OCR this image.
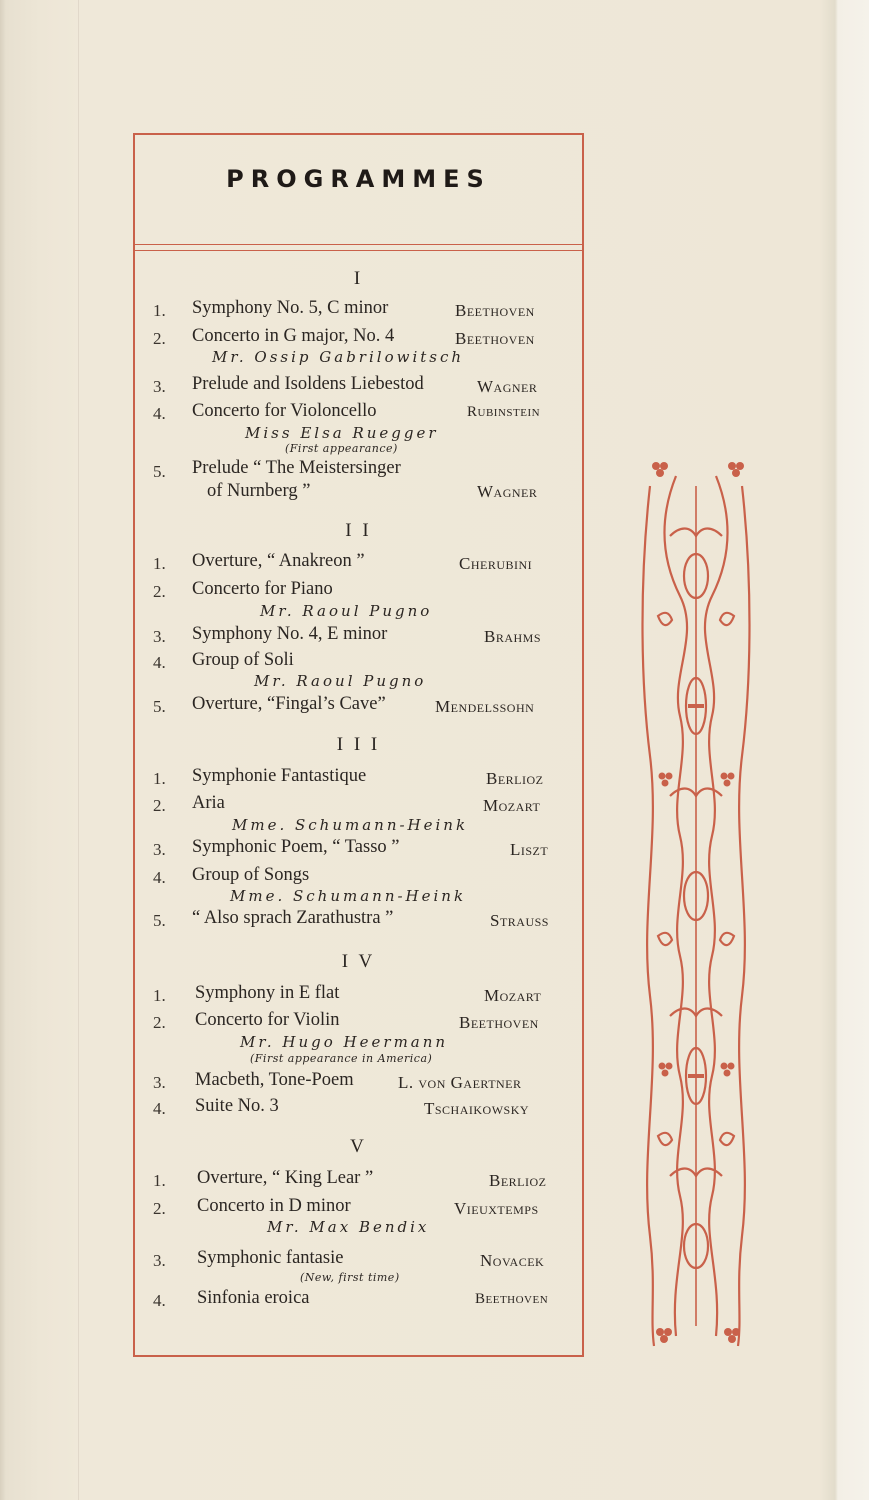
PROGRAMMES
I
1. Symphony No. 5, C minor	Beethoven
2. Concerto in G major, No. 4	Beethoven
Mr. Ossip Gabrilowitsch
3. Prelude and Isoldens Liebestod	Wagner
4. Concerto for Violoncello	Rubinstein
Miss Elsa Ruegger
(First appearance)
5. Prelude “ The Meistersinger
of Nurnberg ”	Wagner
I I
1. Overture, “ Anakreon ”	Cherubini
2. Concerto for Piano
Mr. Raoul Pugno
3. Symphony No. 4, E minor	Brahms
4. Group of Soli
Mr. Raoul Pugno
5. Overture, “Fingal’s Cave”	Mendelssohn
I I I
1. Symphonie Fantastique	Berlioz
2. Aria	Mozart
Mme. Schumann-Heink
3. Symphonic Poem, “ Tasso ”	Liszt
4. Group of Songs
Mme. Schumann-Heink
5. “ Also sprach Zarathustra ”	Strauss
I V
1. Symphony in E flat	Mozart
2. Concerto for Violin	Beethoven
Mr. Hugo Heermann
(First appearance in America)
3. Macbeth, Tone-Poem	L. von Gaertner
4. Suite No. 3	Tschaikowsky
V
1. Overture, “ King Lear ”	Berlioz
2. Concerto in D minor	Vieuxtemps
Mr. Max Bendix
3. Symphonic fantasie	Novacek
(New, first time)
4. Sinfonia eroica	Beethoven
